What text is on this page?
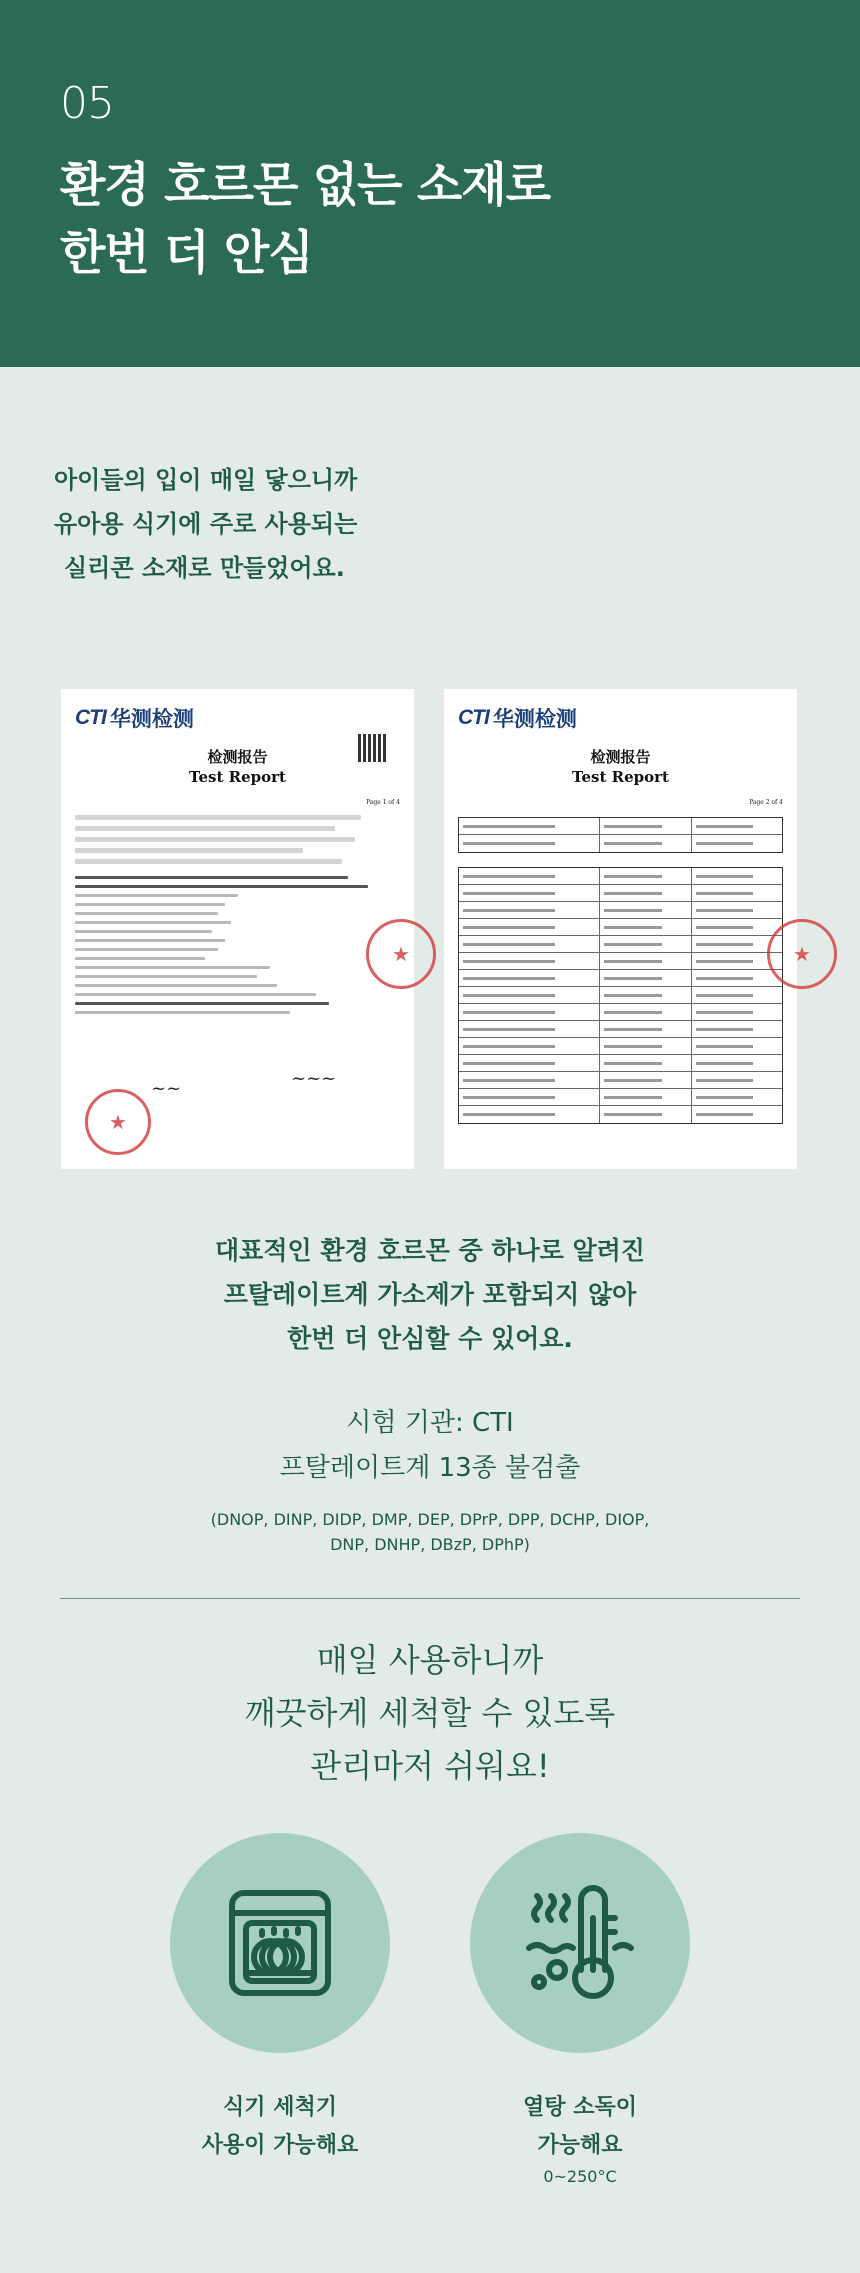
05
환경 호르몬 없는 소재로
한번 더 안심
아이들의 입이 매일 닿으니까
유아용 식기에 주로 사용되는
실리콘 소재로 만들었어요.
CTI 华测检测
检测报告
Test Report
Page 1 of 4
★
★
~~	~~~
CTI 华测检测
检测报告
Test Report
Page 2 of 4
★
대표적인 환경 호르몬 중 하나로 알려진
프탈레이트계 가소제가 포함되지 않아
한번 더 안심할 수 있어요.
시험 기관: CTI
프탈레이트계 13종 불검출
(DNOP, DINP, DIDP, DMP, DEP, DPrP, DPP, DCHP, DIOP,
DNP, DNHP, DBzP, DPhP)
매일 사용하니까
깨끗하게 세척할 수 있도록
관리마저 쉬워요!
식기 세척기
사용이 가능해요
열탕 소독이
가능해요
0~250°C
